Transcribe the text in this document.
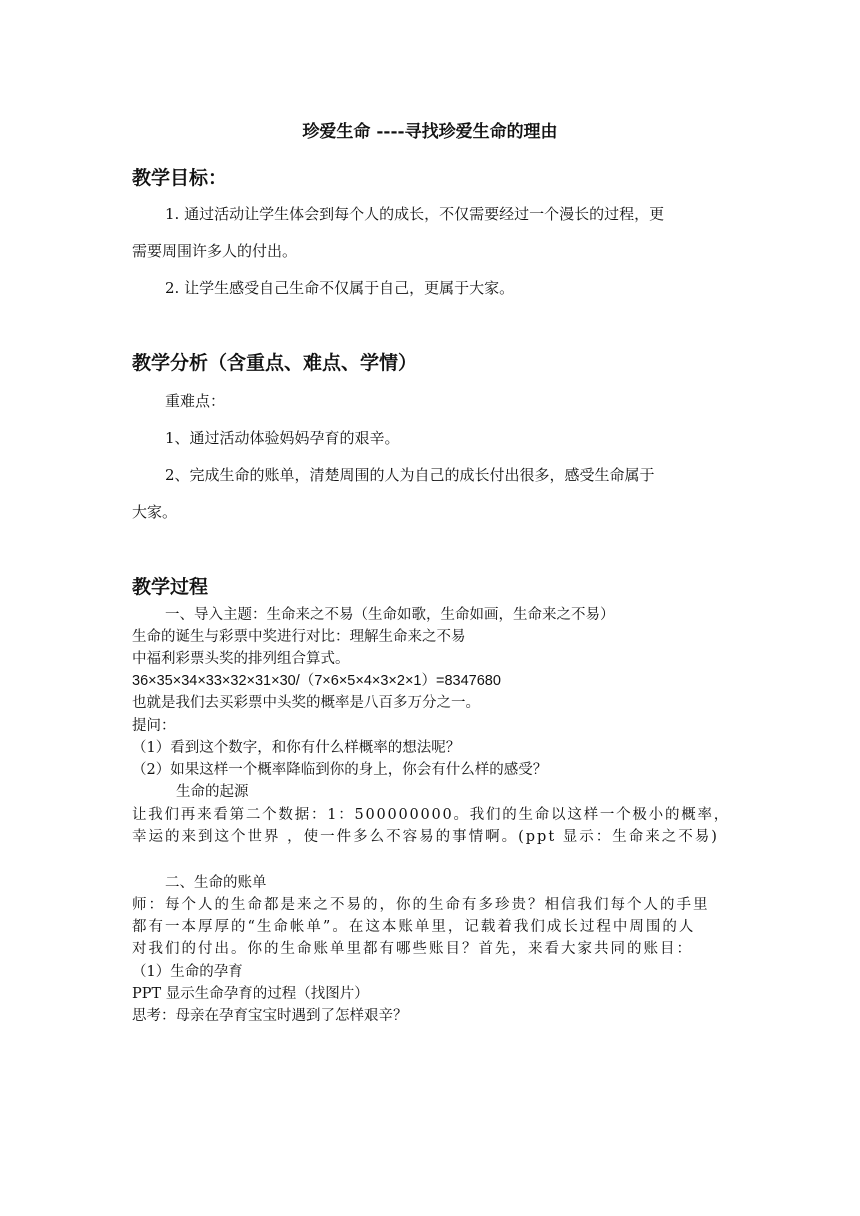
珍爱生命 ----寻找珍爱生命的理由
教学目标：
1. 通过活动让学生体会到每个人的成长，不仅需要经过一个漫长的过程，更
需要周围许多人的付出。
2. 让学生感受自己生命不仅属于自己，更属于大家。
教学分析（含重点、难点、学情）
重难点：
1、通过活动体验妈妈孕育的艰辛。
2、完成生命的账单，清楚周围的人为自己的成长付出很多，感受生命属于
大家。
教学过程
一、导入主题：生命来之不易（生命如歌，生命如画，生命来之不易）
生命的诞生与彩票中奖进行对比：理解生命来之不易
中福利彩票头奖的排列组合算式。
36×35×34×33×32×31×30/（7×6×5×4×3×2×1）=8347680
也就是我们去买彩票中头奖的概率是八百多万分之一。
提问：
（1）看到这个数字，和你有什么样概率的想法呢？
（2）如果这样一个概率降临到你的身上，你会有什么样的感受？
生命的起源
让我们再来看第二个数据：1：500000000。我们的生命以这样一个极小的概率，
幸运的来到这个世界 ，使一件多么不容易的事情啊。(ppt 显示：生命来之不易)
二、生命的账单
师：每个人的生命都是来之不易的，你的生命有多珍贵？相信我们每个人的手里
都有一本厚厚的“生命帐单”。在这本账单里，记载着我们成长过程中周围的人
对我们的付出。你的生命账单里都有哪些账目？首先，来看大家共同的账目：
（1）生命的孕育
PPT 显示生命孕育的过程（找图片）
思考：母亲在孕育宝宝时遇到了怎样艰辛？
